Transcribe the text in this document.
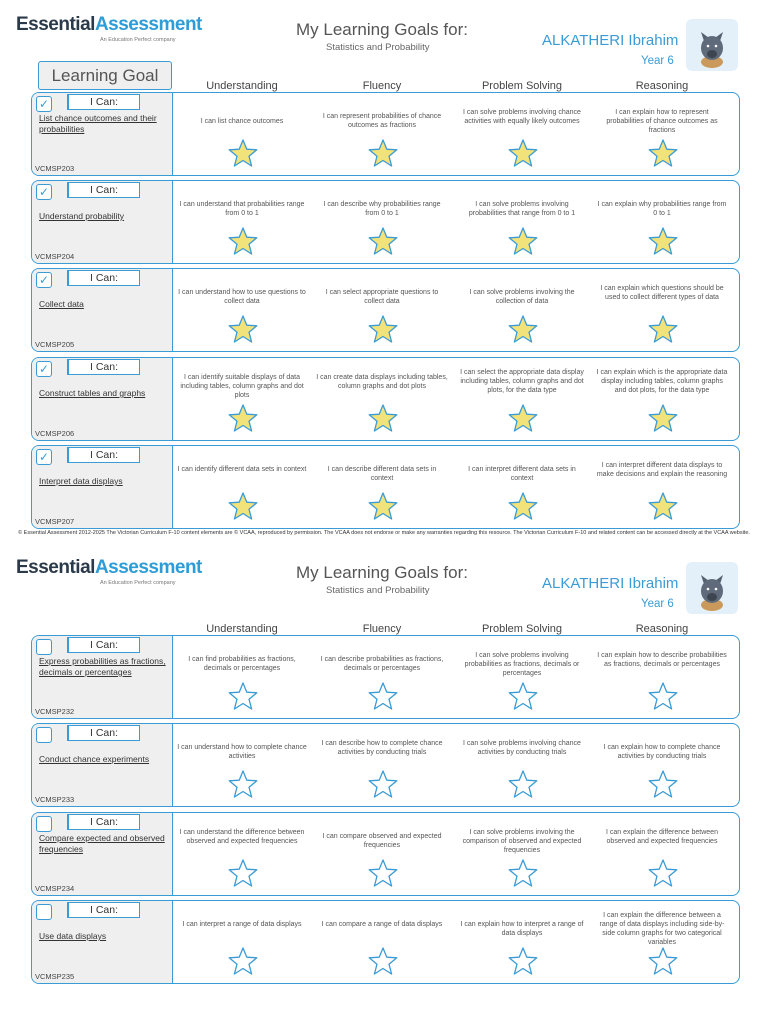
EssentialAssessment
An Education Perfect company
My Learning Goals for:
Statistics and Probability	ALKATHERI Ibrahim
Year 6
Learning Goal
Understanding	Fluency	Problem Solving	Reasoning
✓	I Can:
List chance outcomes and their probabilities
VCMSP203
I can list chance outcomes
I can represent probabilities of chance outcomes as fractions
I can solve problems involving chance activities with equally likely outcomes
I can explain how to represent probabilities of chance outcomes as fractions
✓	I Can:
Understand probability
VCMSP204
I can understand that probabilities range from 0 to 1
I can describe why probabilities range from 0 to 1
I can solve problems involving probabilities that range from 0 to 1
I can explain why probabilities range from 0 to 1
✓	I Can:
Collect data
VCMSP205
I can understand how to use questions to collect data
I can select appropriate questions to collect data
I can solve problems involving the collection of data
I can explain which questions should be used to collect different types of data
✓	I Can:
Construct tables and graphs
VCMSP206
I can identify suitable displays of data including tables, column graphs and dot plots
I can create data displays including tables, column graphs and dot plots
I can select the appropriate data display including tables, column graphs and dot plots, for the data type
I can explain which is the appropriate data display including tables, column graphs and dot plots, for the data type
✓	I Can:
Interpret data displays
VCMSP207
I can identify different data sets in context	I can describe different data sets in context
I can interpret different data sets in context
I can interpret different data displays to make decisions and explain the reasoning
© Essential Assessment 2012-2025 The Victorian Curriculum F-10 content elements are © VCAA, reproduced by permission. The VCAA does not endorse or make any warranties regarding this resource. The Victorian Curriculum F-10 and related content can be accessed directly at the VCAA website.
EssentialAssessment
An Education Perfect company
My Learning Goals for:
Statistics and Probability	ALKATHERI Ibrahim
Year 6
Understanding	Fluency	Problem Solving	Reasoning
I Can:
Express probabilities as fractions, decimals or percentages
VCMSP232
I can find probabilities as fractions, decimals or percentages
I can describe probabilities as fractions, decimals or percentages
I can solve problems involving probabilities as fractions, decimals or percentages
I can explain how to describe probabilities as fractions, decimals or percentages
I Can:
Conduct chance experiments
VCMSP233
I can understand how to complete chance activities
I can describe how to complete chance activities by conducting trials
I can solve problems involving chance activities by conducting trials
I can explain how to complete chance activities by conducting trials
I Can:
Compare expected and observed frequencies
VCMSP234
I can understand the difference between observed and expected frequencies
I can compare observed and expected frequencies
I can solve problems involving the comparison of observed and expected frequencies
I can explain the difference between observed and expected frequencies
I Can:
Use data displays
VCMSP235
I can interpret a range of data displays	I can compare a range of data displays	I can explain how to interpret a range of data displays
I can explain the difference between a range of data displays including side-by-side column graphs for two categorical variables
